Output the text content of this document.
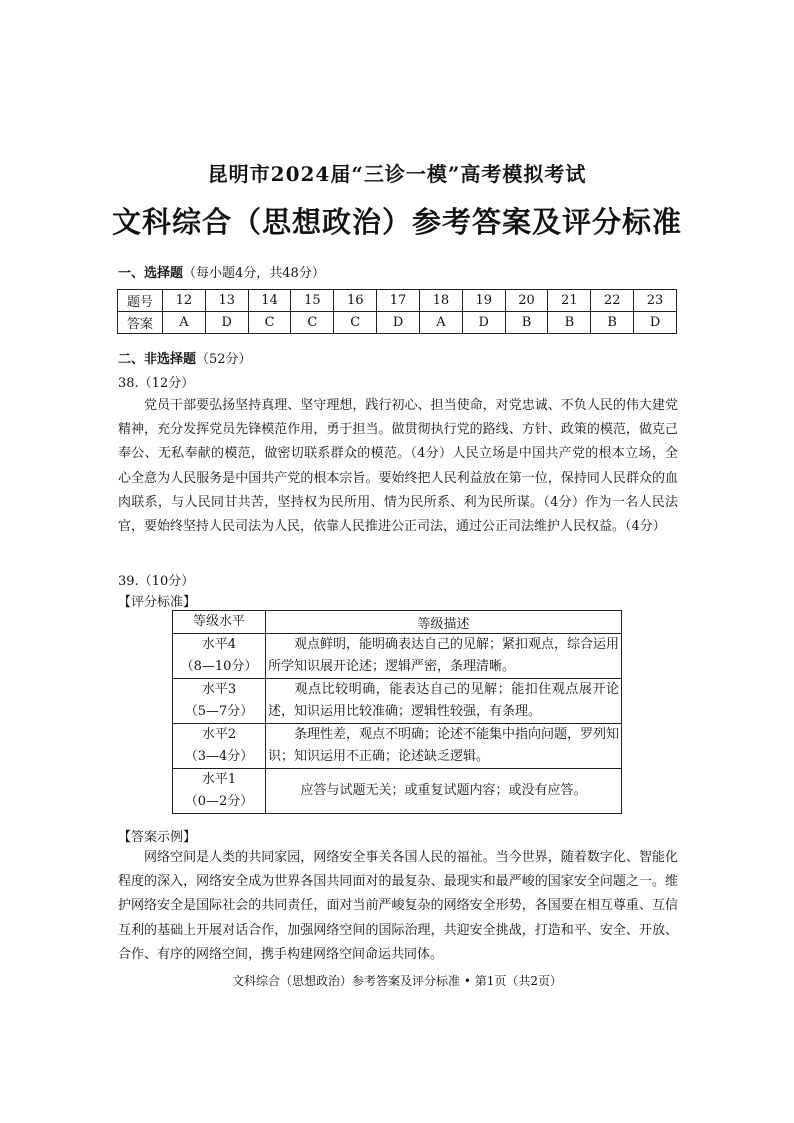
昆明市2024届“三诊一模”高考模拟考试
文科综合（思想政治）参考答案及评分标准
一、选择题（每小题4分，共48分）
题号	12	13	14	15	16	17	18	19	20	21	22	23
答案	A	D	C	C	C	D	A	D	B	B	B	D
二、非选择题（52分）
38.（12分）
党员干部要弘扬坚持真理、坚守理想，践行初心、担当使命，对党忠诚、不负人民的伟大建党精神，充分发挥党员先锋模范作用，勇于担当。做贯彻执行党的路线、方针、政策的模范，做克己奉公、无私奉献的模范，做密切联系群众的模范。（4分）人民立场是中国共产党的根本立场，全心全意为人民服务是中国共产党的根本宗旨。要始终把人民利益放在第一位，保持同人民群众的血肉联系，与人民同甘共苦，坚持权为民所用、情为民所系、利为民所谋。（4分）作为一名人民法官，要始终坚持人民司法为人民，依靠人民推进公正司法，通过公正司法维护人民权益。（4分）
39.（10分）
【评分标准】
等级水平	等级描述

水平4
（8—10分）	观点鲜明，能明确表达自己的见解；紧扣观点，综合运用所学知识展开论述；逻辑严密，条理清晰。

水平3
（5—7分）	观点比较明确，能表达自己的见解；能扣住观点展开论述，知识运用比较准确；逻辑性较强，有条理。

水平2
（3—4分）	条理性差，观点不明确；论述不能集中指向问题，罗列知识；知识运用不正确；论述缺乏逻辑。

水平1
（0—2分）	应答与试题无关；或重复试题内容；或没有应答。
【答案示例】
网络空间是人类的共同家园，网络安全事关各国人民的福祉。当今世界，随着数字化、智能化程度的深入，网络安全成为世界各国共同面对的最复杂、最现实和最严峻的国家安全问题之一。维护网络安全是国际社会的共同责任，面对当前严峻复杂的网络安全形势，各国要在相互尊重、互信互利的基础上开展对话合作，加强网络空间的国际治理，共迎安全挑战，打造和平、安全、开放、合作、有序的网络空间，携手构建网络空间命运共同体。
文科综合（思想政治）参考答案及评分标准 • 第1页（共2页）
